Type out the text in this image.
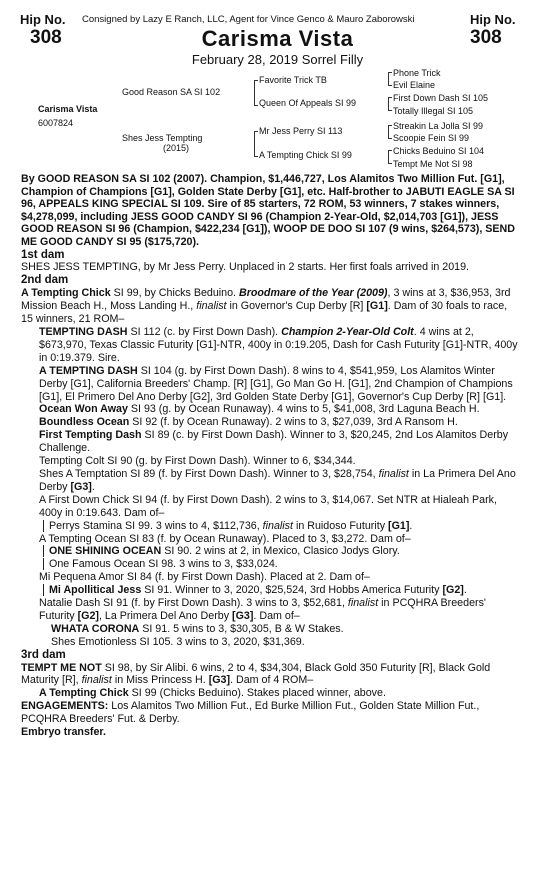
Hip No.
308
Hip No.
308
Consigned by Lazy E Ranch, LLC, Agent for Vince Genco & Mauro Zaborowski
Carisma Vista
February 28, 2019 Sorrel Filly
Carisma Vista
6007824
Good Reason SA SI 102
Shes Jess Tempting
(2015)
Favorite Trick TB
Queen Of Appeals SI 99
Mr Jess Perry SI 113
A Tempting Chick SI 99
Phone Trick
Evil Elaine
First Down Dash SI 105
Totally Illegal SI 105
Streakin La Jolla SI 99
Scoopie Fein SI 99
Chicks Beduino SI 104
Tempt Me Not SI 98

By GOOD REASON SA SI 102 (2007). Champion, $1,446,727, Los Alamitos Two Million Fut. [G1], Champion of Champions [G1], Golden State Derby [G1], etc. Half-brother to JABUTI EAGLE SA SI 96, APPEALS KING SPECIAL SI 109. Sire of 85 starters, 72 ROM, 53 winners, 7 stakes winners, $4,278,099, including JESS GOOD CANDY SI 96 (Champion 2-Year-Old, $2,014,703 [G1]), JESS GOOD REASON SI 96 (Champion, $422,234 [G1]), WOOP DE DOO SI 107 (9 wins, $264,573), SEND ME GOOD CANDY SI 95 ($175,720).

1st dam

SHES JESS TEMPTING, by Mr Jess Perry. Unplaced in 2 starts. Her first foals arrived in 2019.

2nd dam

A Tempting Chick SI 99, by Chicks Beduino. Broodmare of the Year (2009), 3 wins at 3, $36,953, 3rd Mission Beach H., Moss Landing H., finalist in Governor's Cup Derby [R] [G1]. Dam of 30 foals to race, 15 winners, 21 ROM–

TEMPTING DASH SI 112 (c. by First Down Dash). Champion 2-Year-Old Colt. 4 wins at 2, $673,970, Texas Classic Futurity [G1]-NTR, 400y in 0:19.205, Dash for Cash Futurity [G1]-NTR, 400y in 0:19.379. Sire.

A TEMPTING DASH SI 104 (g. by First Down Dash). 8 wins to 4, $541,959, Los Alamitos Winter Derby [G1], California Breeders' Champ. [R] [G1], Go Man Go H. [G1], 2nd Champion of Champions [G1], El Primero Del Ano Derby [G2], 3rd Golden State Derby [G1], Governor's Cup Derby [R] [G1].

Ocean Won Away SI 93 (g. by Ocean Runaway). 4 wins to 5, $41,008, 3rd Laguna Beach H.

Boundless Ocean SI 92 (f. by Ocean Runaway). 2 wins to 3, $27,039, 3rd A Ransom H.

First Tempting Dash SI 89 (c. by First Down Dash). Winner to 3, $20,245, 2nd Los Alamitos Derby Challenge.

Tempting Colt SI 90 (g. by First Down Dash). Winner to 6, $34,344.

Shes A Temptation SI 89 (f. by First Down Dash). Winner to 3, $28,754, finalist in La Primera Del Ano Derby [G3].

A First Down Chick SI 94 (f. by First Down Dash). 2 wins to 3, $14,067. Set NTR at Hialeah Park, 400y in 0:19.643. Dam of–

Perrys Stamina SI 99. 3 wins to 4, $112,736, finalist in Ruidoso Futurity [G1].

A Tempting Ocean SI 83 (f. by Ocean Runaway). Placed to 3, $3,272. Dam of–

ONE SHINING OCEAN SI 90. 2 wins at 2, in Mexico, Clasico Jodys Glory.

One Famous Ocean SI 98. 3 wins to 3, $33,024.

Mi Pequena Amor SI 84 (f. by First Down Dash). Placed at 2. Dam of–

Mi Apollitical Jess SI 91. Winner to 3, 2020, $25,524, 3rd Hobbs America Futurity [G2].

Natalie Dash SI 91 (f. by First Down Dash). 3 wins to 3, $52,681, finalist in PCQHRA Breeders' Futurity [G2], La Primera Del Ano Derby [G3]. Dam of–

WHATA CORONA SI 91. 5 wins to 3, $30,305, B & W Stakes.

Shes Emotionless SI 105. 3 wins to 3, 2020, $31,369.

3rd dam

TEMPT ME NOT SI 98, by Sir Alibi. 6 wins, 2 to 4, $34,304, Black Gold 350 Futurity [R], Black Gold Maturity [R], finalist in Miss Princess H. [G3]. Dam of 4 ROM–

A Tempting Chick SI 99 (Chicks Beduino). Stakes placed winner, above.

ENGAGEMENTS: Los Alamitos Two Million Fut., Ed Burke Million Fut., Golden State Million Fut., PCQHRA Breeders' Fut. & Derby.

Embryo transfer.
